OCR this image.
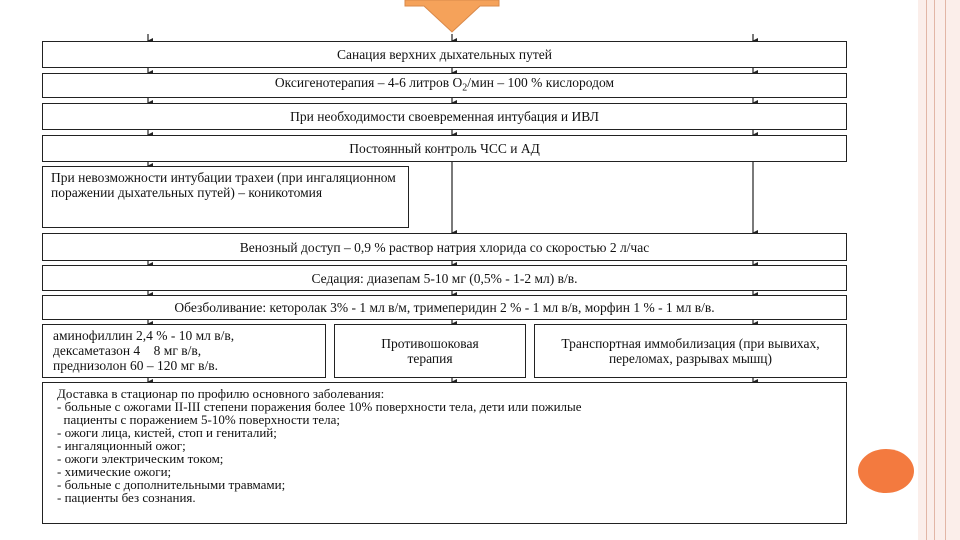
Санация верхних дыхательных путей
Оксигенотерапия – 4-6 литров $O_2$/мин – 100 % кислородом
При необходимости своевременная интубация и ИВЛ
Постоянный контроль ЧСС и АД
При невозможности интубации трахеи (при ингаляционном поражении дыхательных путей) – коникотомия
Венозный доступ – 0,9 % раствор натрия хлорида со скоростью 2 л/час
Седация: диазепам 5-10 мг (0,5% - 1-2 мл) в/в.
Обезболивание: кеторолак 3% - 1 мл в/м, тримеперидин 2 % - 1 мл в/в, морфин 1 % - 1 мл в/в.
аминофиллин 2,4 % - 10 мл в/в,
дексаметазон 4    8 мг в/в,
преднизолон 60 – 120 мг в/в.
Противошоковая терапия
Транспортная иммобилизация (при вывихах, переломах, разрывах мышц)
Доставка в стационар по профилю основного заболевания:
- больные с ожогами II-III степени поражения более 10% поверхности тела, дети или пожилые
пациенты с поражением 5-10% поверхности тела;
- ожоги лица, кистей, стоп и гениталий;
- ингаляционный ожог;
- ожоги электрическим током;
- химические ожоги;
- больные с дополнительными травмами;
- пациенты без сознания.
